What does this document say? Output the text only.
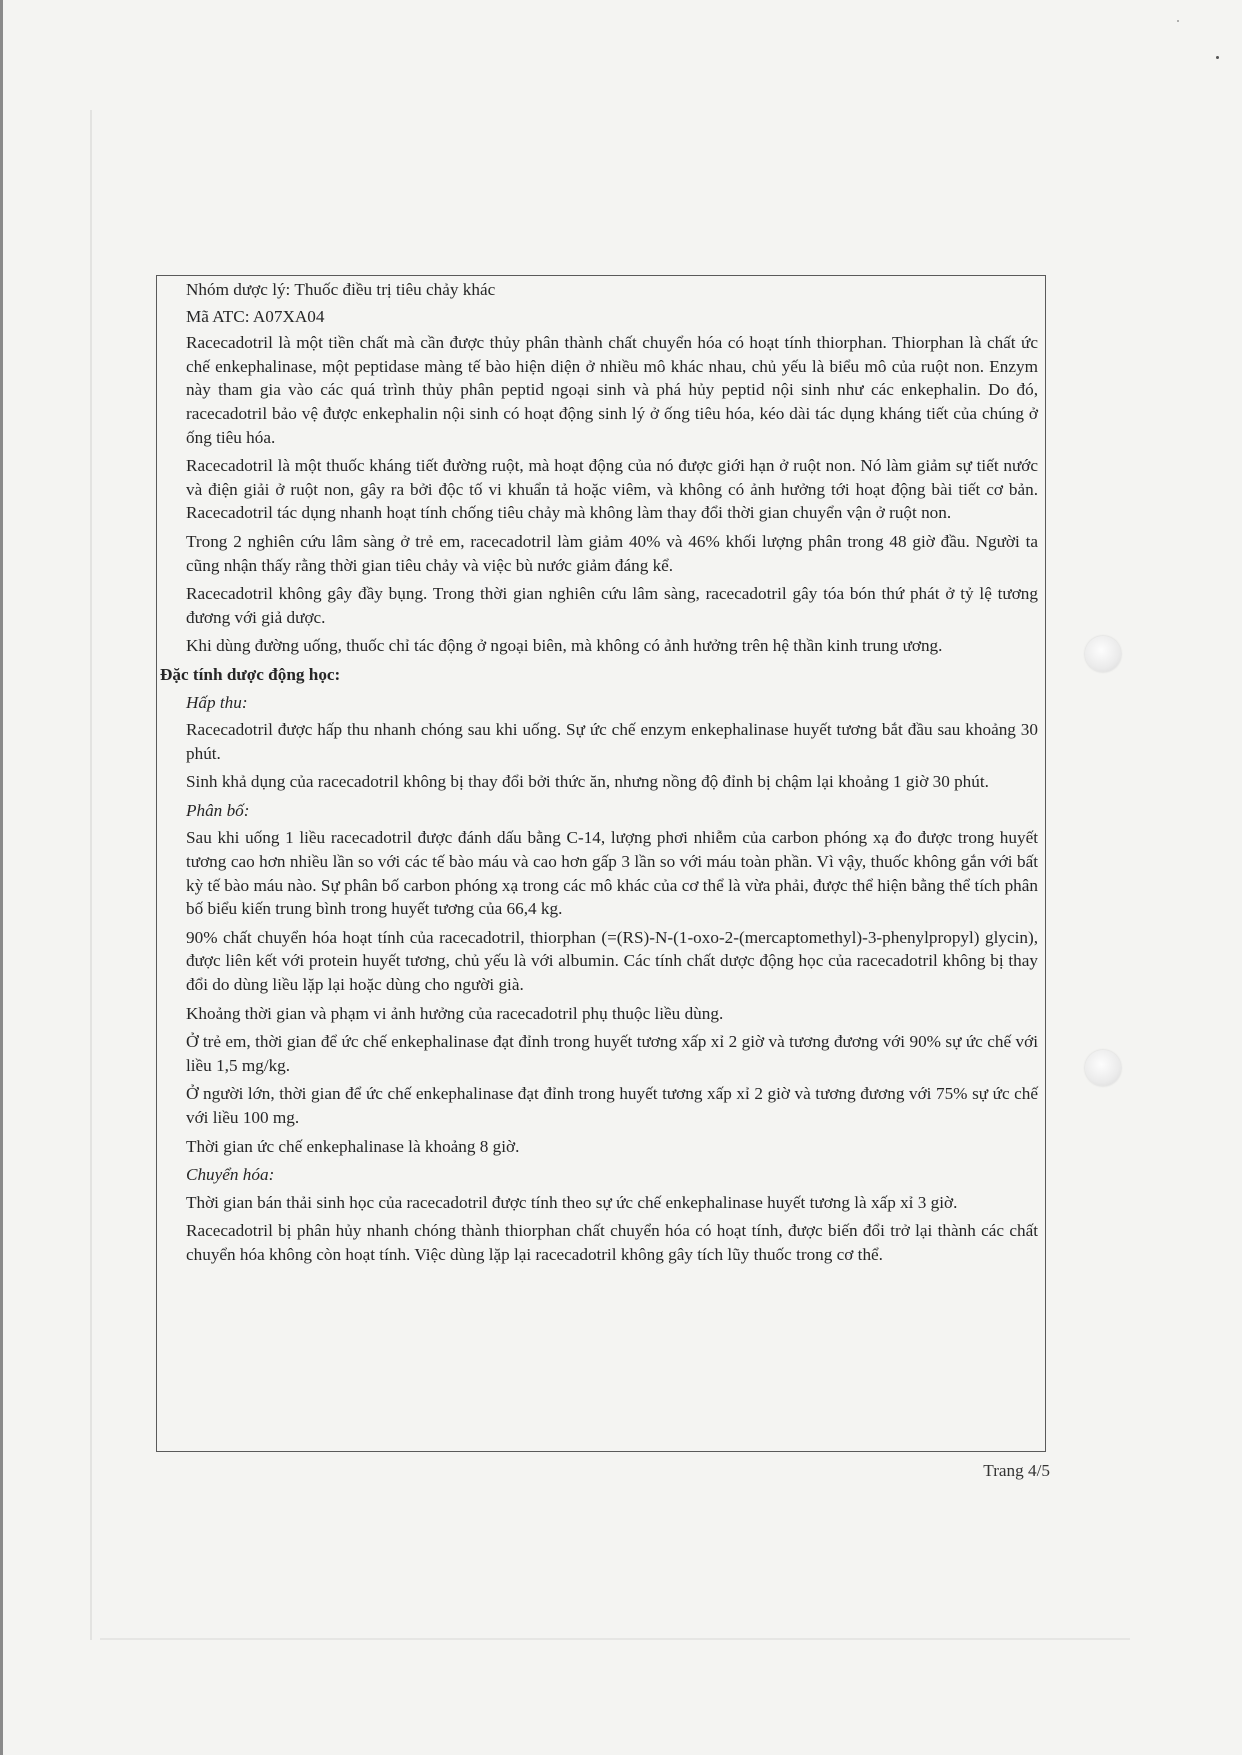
Nhóm dược lý: Thuốc điều trị tiêu chảy khác

Mã ATC: A07XA04

Racecadotril là một tiền chất mà cần được thủy phân thành chất chuyển hóa có hoạt tính thiorphan. Thiorphan là chất ức chế enkephalinase, một peptidase màng tế bào hiện diện ở nhiều mô khác nhau, chủ yếu là biểu mô của ruột non. Enzym này tham gia vào các quá trình thủy phân peptid ngoại sinh và phá hủy peptid nội sinh như các enkephalin. Do đó, racecadotril bảo vệ được enkephalin nội sinh có hoạt động sinh lý ở ống tiêu hóa, kéo dài tác dụng kháng tiết của chúng ở ống tiêu hóa.

Racecadotril là một thuốc kháng tiết đường ruột, mà hoạt động của nó được giới hạn ở ruột non. Nó làm giảm sự tiết nước và điện giải ở ruột non, gây ra bởi độc tố vi khuẩn tả hoặc viêm, và không có ảnh hưởng tới hoạt động bài tiết cơ bản. Racecadotril tác dụng nhanh hoạt tính chống tiêu chảy mà không làm thay đổi thời gian chuyển vận ở ruột non.

Trong 2 nghiên cứu lâm sàng ở trẻ em, racecadotril làm giảm 40% và 46% khối lượng phân trong 48 giờ đầu. Người ta cũng nhận thấy rằng thời gian tiêu chảy và việc bù nước giảm đáng kể.

Racecadotril không gây đầy bụng. Trong thời gian nghiên cứu lâm sàng, racecadotril gây tóa bón thứ phát ở tỷ lệ tương đương với giả dược.

Khi dùng đường uống, thuốc chỉ tác động ở ngoại biên, mà không có ảnh hưởng trên hệ thần kinh trung ương.

Đặc tính dược động học:

Hấp thu:

Racecadotril được hấp thu nhanh chóng sau khi uống. Sự ức chế enzym enkephalinase huyết tương bắt đầu sau khoảng 30 phút.

Sinh khả dụng của racecadotril không bị thay đổi bởi thức ăn, nhưng nồng độ đỉnh bị chậm lại khoảng 1 giờ 30 phút.

Phân bố:

Sau khi uống 1 liều racecadotril được đánh dấu bằng C-14, lượng phơi nhiễm của carbon phóng xạ đo được trong huyết tương cao hơn nhiều lần so với các tế bào máu và cao hơn gấp 3 lần so với máu toàn phần. Vì vậy, thuốc không gắn với bất kỳ tế bào máu nào. Sự phân bố carbon phóng xạ trong các mô khác của cơ thể là vừa phải, được thể hiện bằng thể tích phân bố biểu kiến trung bình trong huyết tương của 66,4 kg.

90% chất chuyển hóa hoạt tính của racecadotril, thiorphan (=(RS)-N-(1-oxo-2-(mercaptomethyl)-3-phenylpropyl) glycin), được liên kết với protein huyết tương, chủ yếu là với albumin. Các tính chất dược động học của racecadotril không bị thay đổi do dùng liều lặp lại hoặc dùng cho người già.

Khoảng thời gian và phạm vi ảnh hưởng của racecadotril phụ thuộc liều dùng.

Ở trẻ em, thời gian để ức chế enkephalinase đạt đỉnh trong huyết tương xấp xỉ 2 giờ và tương đương với 90% sự ức chế với liều 1,5 mg/kg.

Ở người lớn, thời gian để ức chế enkephalinase đạt đỉnh trong huyết tương xấp xỉ 2 giờ và tương đương với 75% sự ức chế với liều 100 mg.

Thời gian ức chế enkephalinase là khoảng 8 giờ.

Chuyển hóa:

Thời gian bán thải sinh học của racecadotril được tính theo sự ức chế enkephalinase huyết tương là xấp xỉ 3 giờ.

Racecadotril bị phân hủy nhanh chóng thành thiorphan chất chuyển hóa có hoạt tính, được biến đổi trở lại thành các chất chuyển hóa không còn hoạt tính. Việc dùng lặp lại racecadotril không gây tích lũy thuốc trong cơ thể.

Trang 4/5
